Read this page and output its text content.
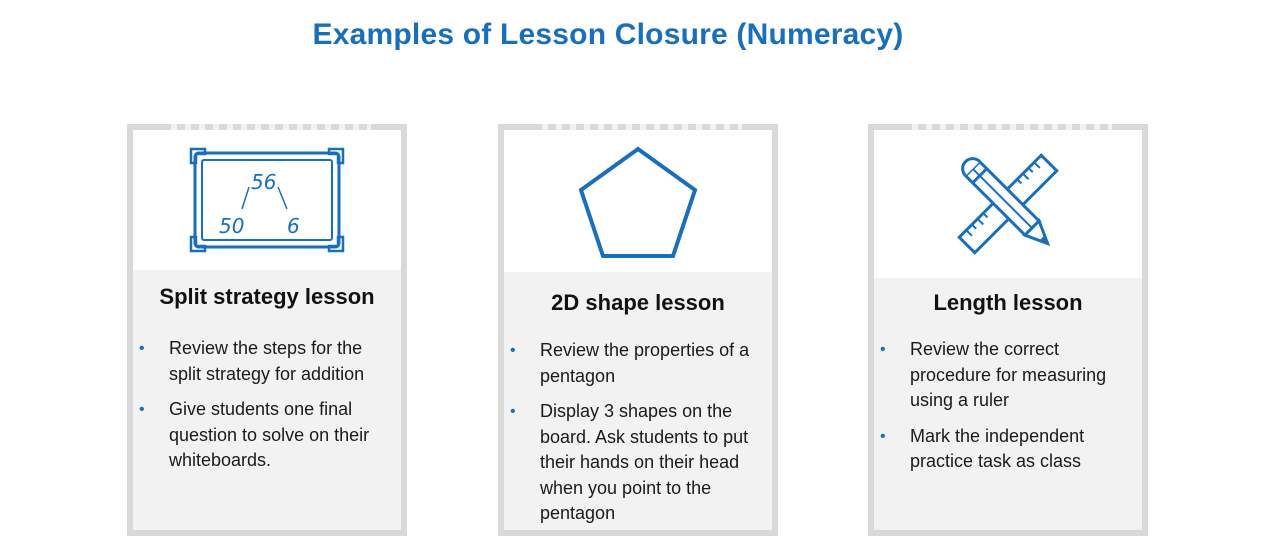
Examples of Lesson Closure (Numeracy)
56
50 6
Split strategy lesson
• Review the steps for the split strategy for addition
• Give students one final question to solve on their whiteboards.
2D shape lesson
• Review the properties of a pentagon
• Display 3 shapes on the board. Ask students to put their hands on their head when you point to the pentagon
Length lesson
• Review the correct procedure for measuring using a ruler
• Mark the independent practice task as class
